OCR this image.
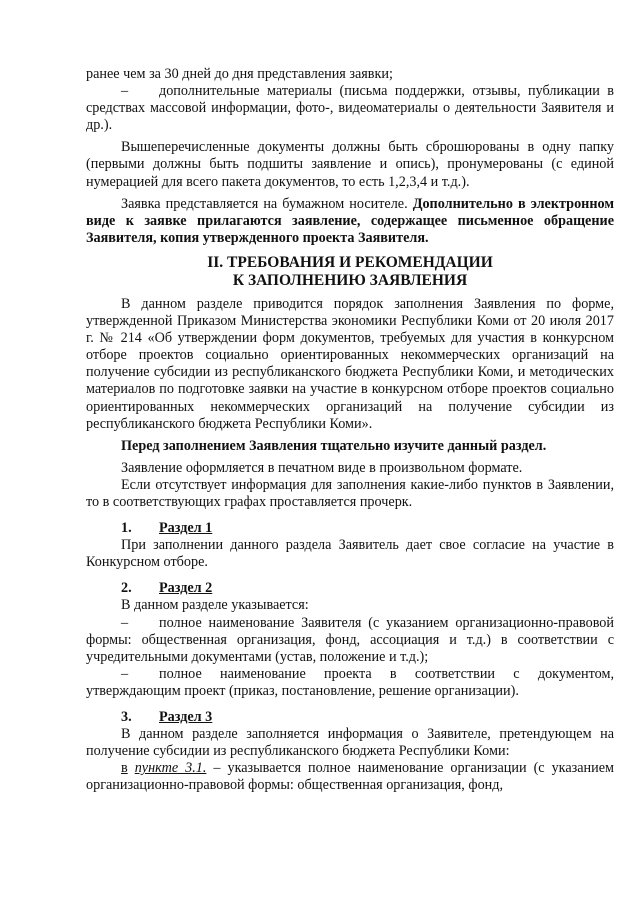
ранее чем за 30 дней до дня представления заявки;

– дополнительные материалы (письма поддержки, отзывы, публикации в средствах массовой информации, фото-, видеоматериалы о деятельности Заявителя и др.).

Вышеперечисленные документы должны быть сброшюрованы в одну папку (первыми должны быть подшиты заявление и опись), пронумерованы (с единой нумерацией для всего пакета документов, то есть 1,2,3,4 и т.д.).

Заявка представляется на бумажном носителе. Дополнительно в электронном виде к заявке прилагаются заявление, содержащее письменное обращение Заявителя, копия утвержденного проекта Заявителя.

II. ТРЕБОВАНИЯ И РЕКОМЕНДАЦИИ
К ЗАПОЛНЕНИЮ ЗАЯВЛЕНИЯ

В данном разделе приводится порядок заполнения Заявления по форме, утвержденной Приказом Министерства экономики Республики Коми от 20 июля 2017 г. № 214 «Об утверждении форм документов, требуемых для участия в конкурсном отборе проектов социально ориентированных некоммерческих организаций на получение субсидии из республиканского бюджета Республики Коми, и методических материалов по подготовке заявки на участие в конкурсном отборе проектов социально ориентированных некоммерческих организаций на получение субсидии из республиканского бюджета Республики Коми».

Перед заполнением Заявления тщательно изучите данный раздел.

Заявление оформляется в печатном виде в произвольном формате.

Если отсутствует информация для заполнения какие-либо пунктов в Заявлении, то в соответствующих графах проставляется прочерк.

1. Раздел 1

При заполнении данного раздела Заявитель дает свое согласие на участие в Конкурсном отборе.

2. Раздел 2

В данном разделе указывается:

– полное наименование Заявителя (с указанием организационно-правовой формы: общественная организация, фонд, ассоциация и т.д.) в соответствии с учредительными документами (устав, положение и т.д.);

– полное наименование проекта в соответствии с документом, утверждающим проект (приказ, постановление, решение организации).

3. Раздел 3

В данном разделе заполняется информация о Заявителе, претендующем на получение субсидии из республиканского бюджета Республики Коми:

в пункте 3.1. – указывается полное наименование организации (с указанием организационно-правовой формы: общественная организация, фонд,
